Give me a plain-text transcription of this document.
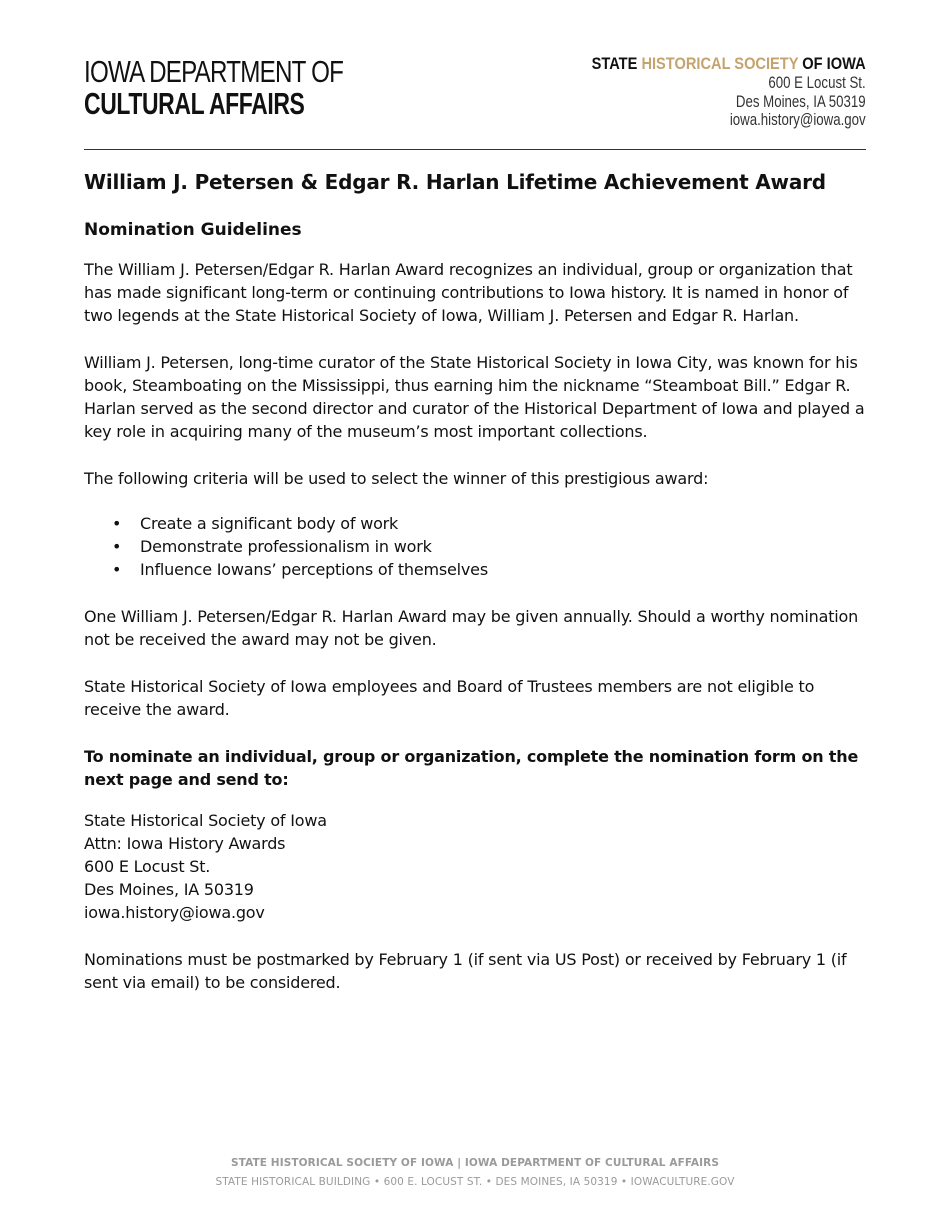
IOWA DEPARTMENT OF
CULTURAL AFFAIRS
STATE HISTORICAL SOCIETY OF IOWA
600 E Locust St.
Des Moines, IA 50319
iowa.history@iowa.gov
William J. Petersen & Edgar R. Harlan Lifetime Achievement Award
Nomination Guidelines

The William J. Petersen/Edgar R. Harlan Award recognizes an individual, group or organization that has made significant long-term or continuing contributions to Iowa history. It is named in honor of two legends at the State Historical Society of Iowa, William J. Petersen and Edgar R. Harlan.

William J. Petersen, long-time curator of the State Historical Society in Iowa City, was known for his book, Steamboating on the Mississippi, thus earning him the nickname “Steamboat Bill.” Edgar R. Harlan served as the second director and curator of the Historical Department of Iowa and played a key role in acquiring many of the museum’s most important collections.

The following criteria will be used to select the winner of this prestigious award:

• Create a significant body of work
• Demonstrate professionalism in work
• Influence Iowans’ perceptions of themselves

One William J. Petersen/Edgar R. Harlan Award may be given annually. Should a worthy nomination not be received the award may not be given.

State Historical Society of Iowa employees and Board of Trustees members are not eligible to receive the award.

To nominate an individual, group or organization, complete the nomination form on the next page and send to:

State Historical Society of Iowa
Attn: Iowa History Awards
600 E Locust St.
Des Moines, IA 50319
iowa.history@iowa.gov

Nominations must be postmarked by February 1 (if sent via US Post) or received by February 1 (if sent via email) to be considered.

STATE HISTORICAL SOCIETY OF IOWA | IOWA DEPARTMENT OF CULTURAL AFFAIRS
STATE HISTORICAL BUILDING • 600 E. LOCUST ST. • DES MOINES, IA 50319 • IOWACULTURE.GOV
